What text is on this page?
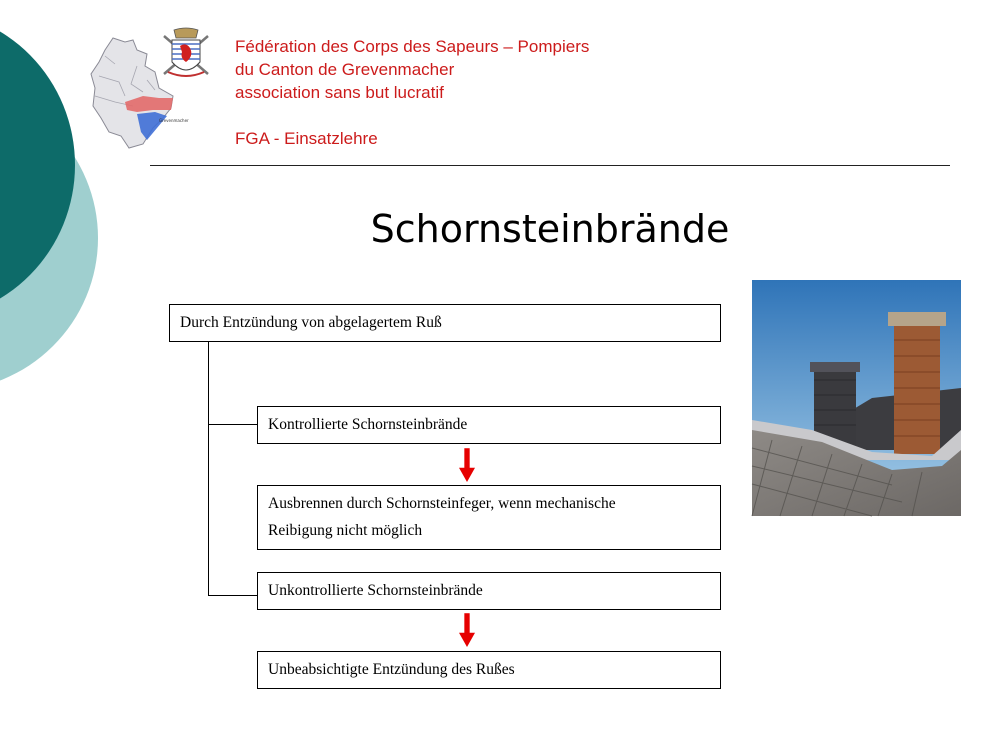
Grevenmacher
Fédération des Corps des Sapeurs – Pompiers
du Canton de Grevenmacher
association sans but lucratif
FGA - Einsatzlehre
Schornsteinbrände
Durch Entzündung von abgelagertem Ruß
Kontrollierte Schornsteinbrände
Ausbrennen durch Schornsteinfeger, wenn mechanische
Reibigung nicht möglich
Unkontrollierte Schornsteinbrände
Unbeabsichtigte Entzündung des Rußes
